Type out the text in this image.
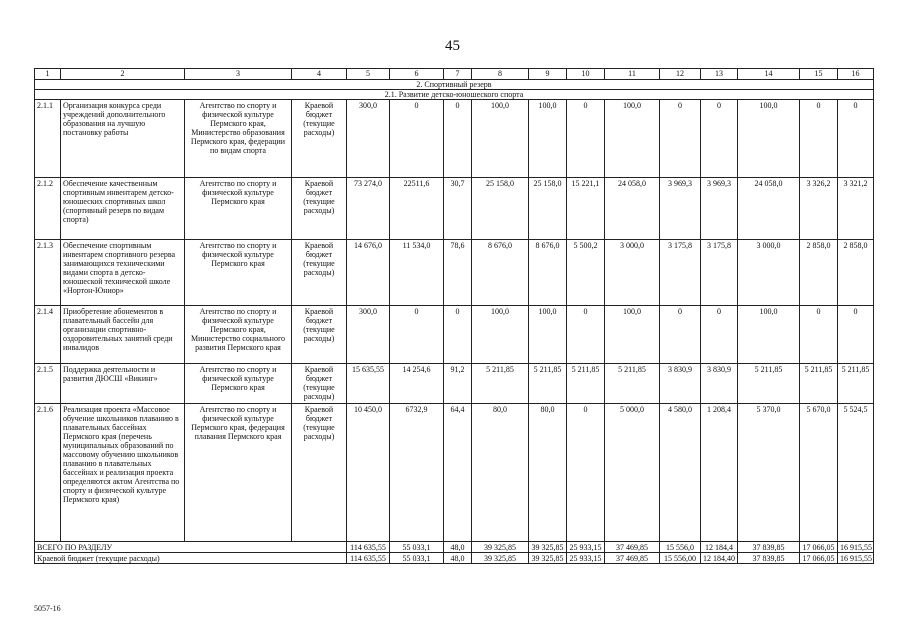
45
1	2	3	4	5	6	7	8	9	10	11	12	13	14	15	16
2. Спортивный резерв															
2.1. Развитие детско-юношеского спорта															
2.1.1	Организация конкурса среди учреждений дополнительного образования на лучшую постановку работы	Агентство по спорту и физической культуре Пермского края, Министерство образования Пермского края, федерации по видам спорта	Краевой бюджет (текущие расходы)	300,0	0	0	100,0	100,0	0	100,0	0	0	100,0	0	0
2.1.2	Обеспечение качественным спортивным инвентарем детско-юношеских спортивных школ (спортивный резерв по видам спорта)	Агентство по спорту и физической культуре Пермского края	Краевой бюджет (текущие расходы)	73 274,0	22511,6	30,7	25 158,0	25 158,0	15 221,1	24 058,0	3 969,3	3 969,3	24 058,0	3 326,2	3 321,2
2.1.3	Обеспечение спортивным инвентарем спортивного резерва занимающихся техническими видами спорта в детско-юношеской технической школе «Нортон-Юниор»	Агентство по спорту и физической культуре Пермского края	Краевой бюджет (текущие расходы)	14 676,0	11 534,0	78,6	8 676,0	8 676,0	5 500,2	3 000,0	3 175,8	3 175,8	3 000,0	2 858,0	2 858,0
2.1.4	Приобретение абонементов в плавательный бассейн для организации спортивно-оздоровительных занятий среди инвалидов	Агентство по спорту и физической культуре Пермского края, Министерство социального развития Пермского края	Краевой бюджет (текущие расходы)	300,0	0	0	100,0	100,0	0	100,0	0	0	100,0	0	0
2.1.5	Поддержка деятельности и развития ДЮСШ «Викинг»	Агентство по спорту и физической культуре Пермского края	Краевой бюджет (текущие расходы)	15 635,55	14 254,6	91,2	5 211,85	5 211,85	5 211,85	5 211,85	3 830,9	3 830,9	5 211,85	5 211,85	5 211,85
2.1.6	Реализация проекта «Массовое обучение школьников плаванию в плавательных бассейнах Пермского края (перечень муниципальных образований по массовому обучению школьников плаванию в плавательных бассейнах и реализация проекта определяются актом Агентства по спорту и физической культуре Пермского края)	Агентство по спорту и физической культуре Пермского края, федерация плавания Пермского края	Краевой бюджет (текущие расходы)	10 450,0	6732,9	64,4	80,0	80,0	0	5 000,0	4 580,0	1 208,4	5 370,0	5 670,0	5 524,5
ВСЕГО ПО РАЗДЕЛУ				114 635,55	55 033,1	48,0	39 325,85	39 325,85	25 933,15	37 469,85	15 556,0	12 184,4	37 839,85	17 066,05	16 915,55
Краевой бюджет (текущие расходы)				114 635,55	55 033,1	48,0	39 325,85	39 325,85	25 933,15	37 469,85	15 556,00	12 184,40	37 839,85	17 066,05	16 915,55
5057-16
